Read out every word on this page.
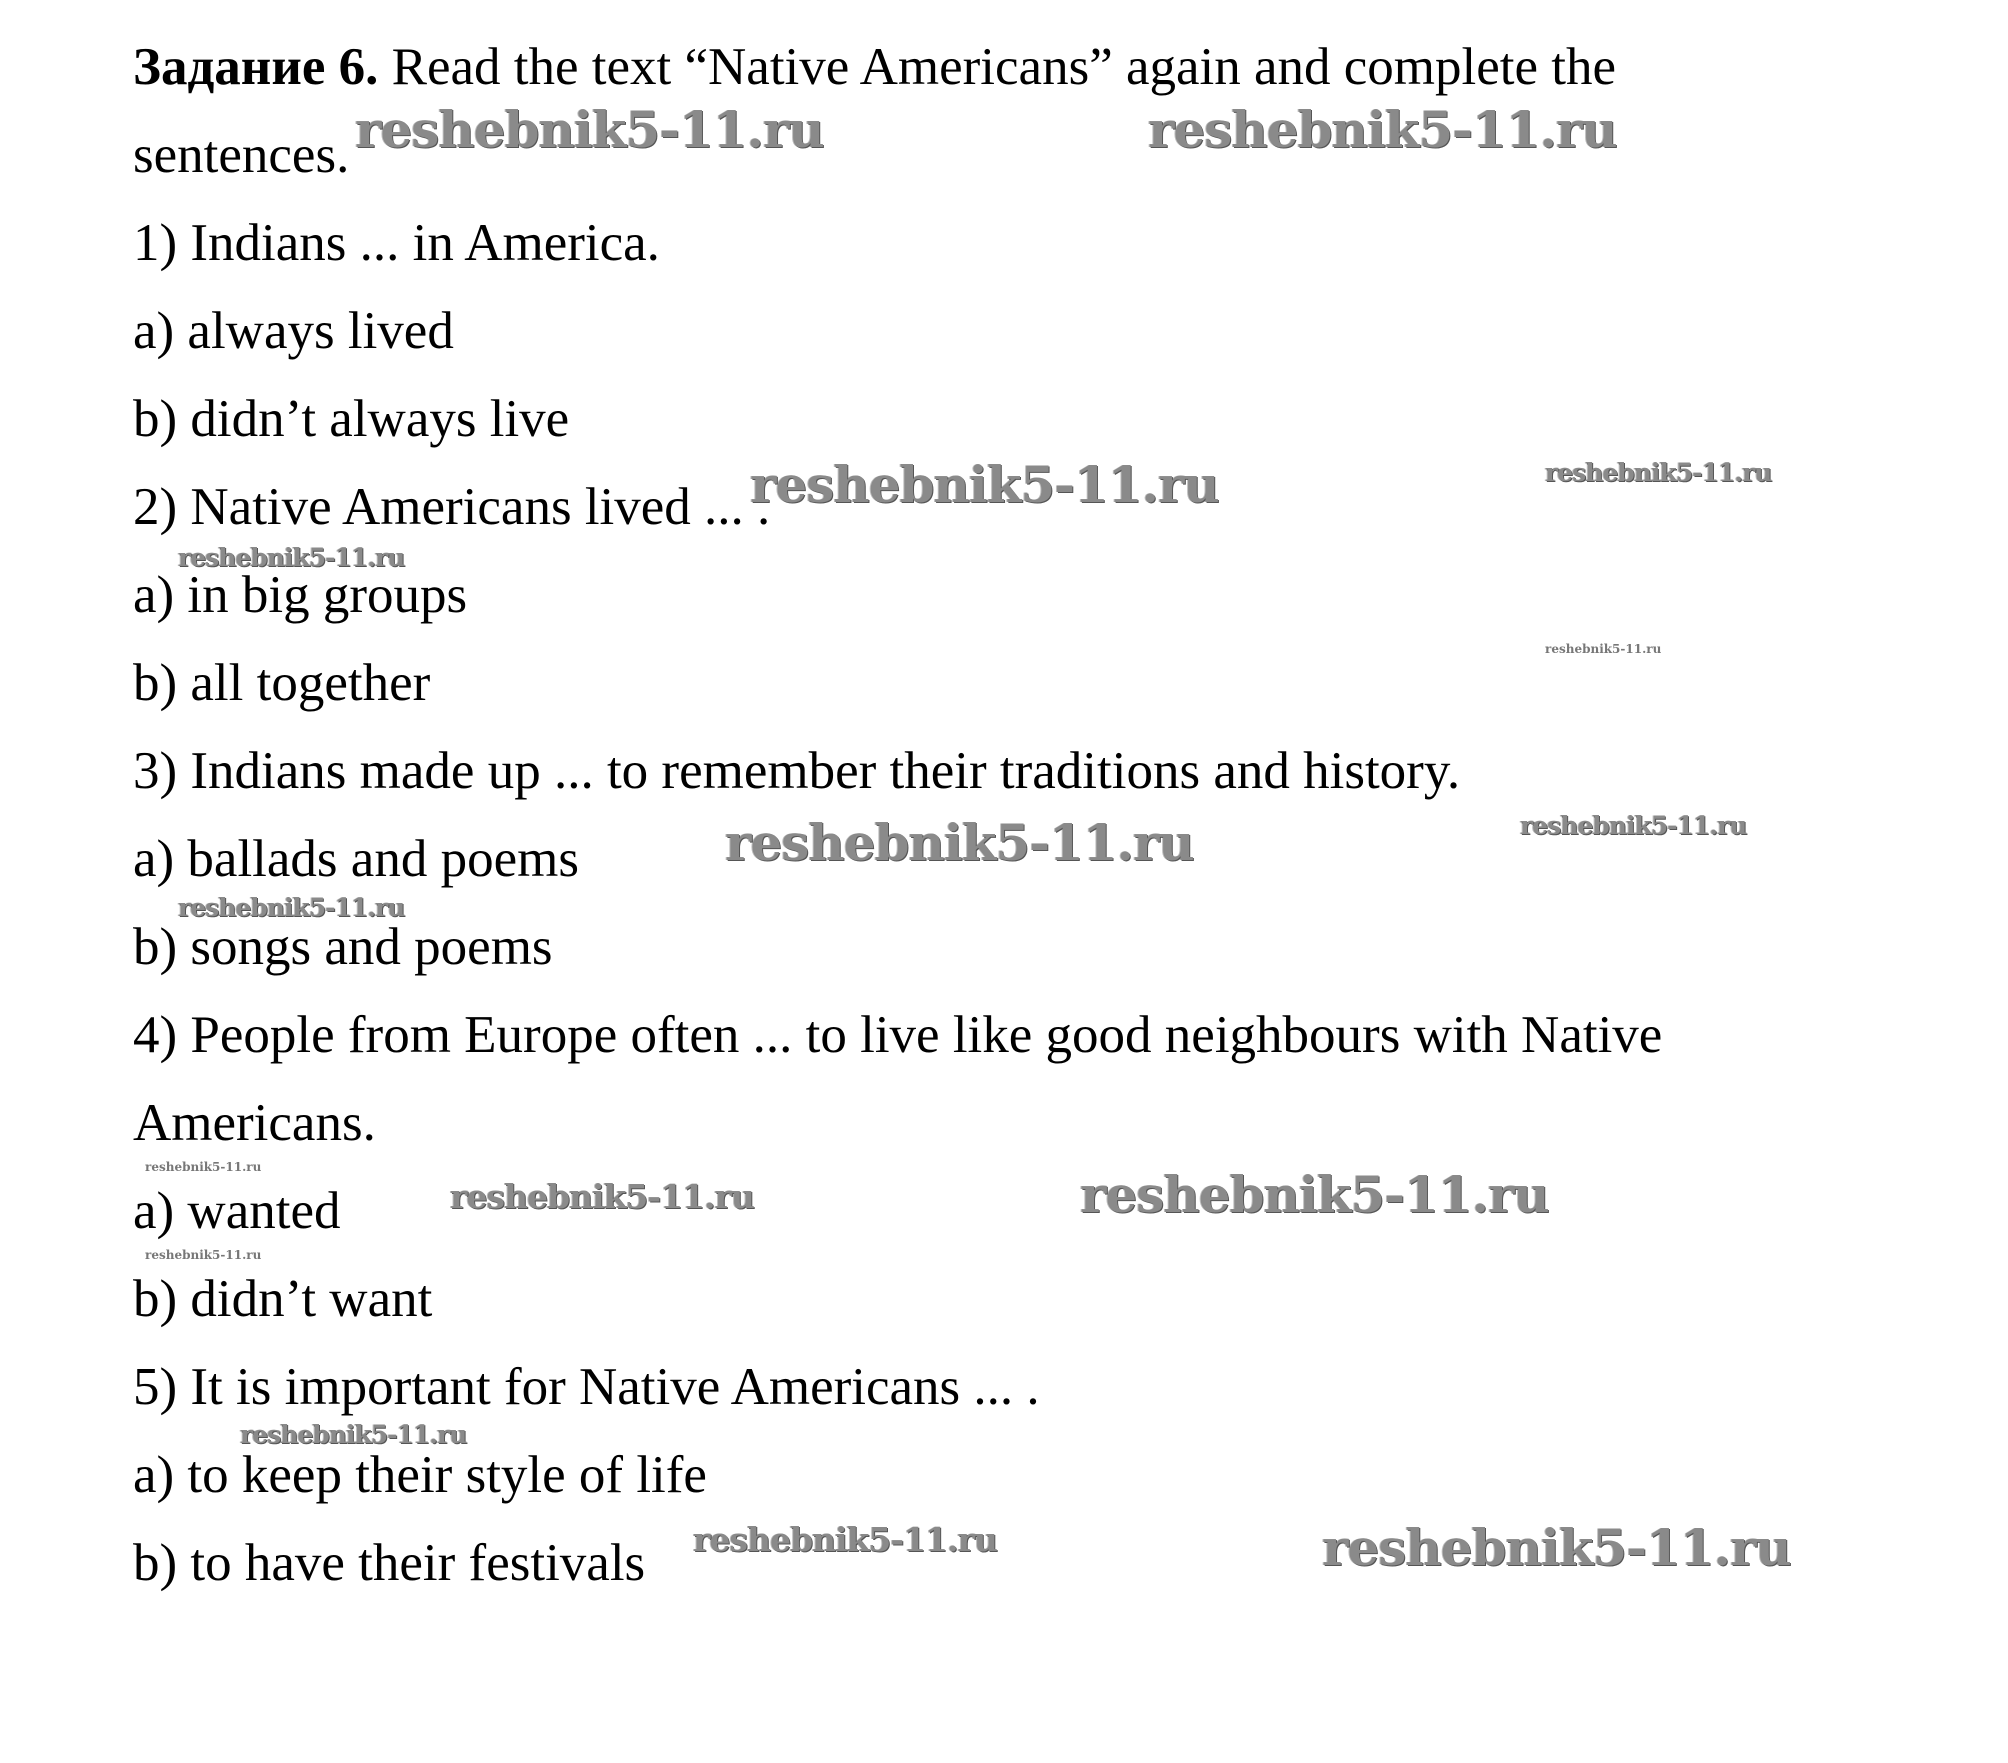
Задание 6. Read the text “Native Americans” again and complete the
sentences.
1) Indians ... in America.
a) always lived
b) didn’t always live
2) Native Americans lived ... .
a) in big groups
b) all together
3) Indians made up ... to remember their traditions and history.
a) ballads and poems
b) songs and poems
4) People from Europe often ... to live like good neighbours with Native
Americans.
a) wanted
b) didn’t want
5) It is important for Native Americans ... .
a) to keep their style of life
b) to have their festivals
reshebnik5-11.ru	reshebnik5-11.ru
reshebnik5-11.ru	reshebnik5-11.ru
reshebnik5-11.ru
reshebnik5-11.ru
reshebnik5-11.ru	reshebnik5-11.ru
reshebnik5-11.ru
reshebnik5-11.ru
reshebnik5-11.ru	reshebnik5-11.ru
reshebnik5-11.ru
reshebnik5-11.ru
reshebnik5-11.ru	reshebnik5-11.ru
